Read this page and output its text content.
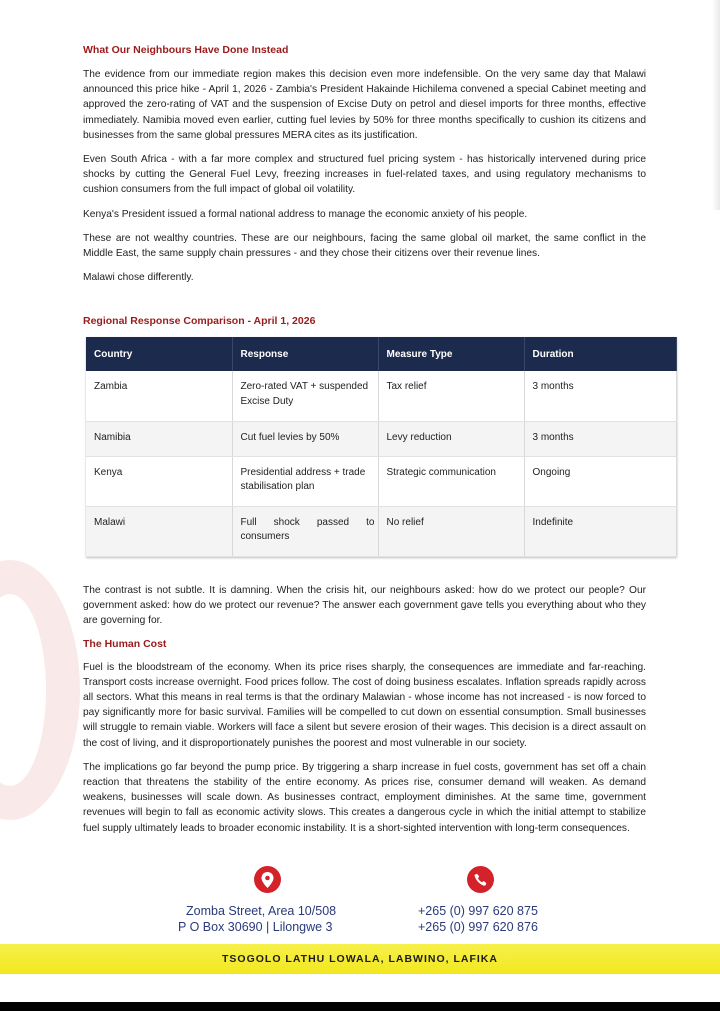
What Our Neighbours Have Done Instead

The evidence from our immediate region makes this decision even more indefensible. On the very same day that Malawi announced this price hike - April 1, 2026 - Zambia's President Hakainde Hichilema convened a special Cabinet meeting and approved the zero-rating of VAT and the suspension of Excise Duty on petrol and diesel imports for three months, effective immediately. Namibia moved even earlier, cutting fuel levies by 50% for three months specifically to cushion its citizens and businesses from the same global pressures MERA cites as its justification.

Even South Africa - with a far more complex and structured fuel pricing system - has historically intervened during price shocks by cutting the General Fuel Levy, freezing increases in fuel-related taxes, and using regulatory mechanisms to cushion consumers from the full impact of global oil volatility.

Kenya's President issued a formal national address to manage the economic anxiety of his people.

These are not wealthy countries. These are our neighbours, facing the same global oil market, the same conflict in the Middle East, the same supply chain pressures - and they chose their citizens over their revenue lines.

Malawi chose differently.

Regional Response Comparison - April 1, 2026
Country	Response	Measure Type	Duration
Zambia	Zero-rated VAT + suspended Excise Duty	Tax relief	3 months
Namibia	Cut fuel levies by 50%	Levy reduction	3 months
Kenya	Presidential address + trade stabilisation plan	Strategic communication	Ongoing
Malawi	Full shock passed to consumers	No relief	Indefinite

The contrast is not subtle. It is damning. When the crisis hit, our neighbours asked: how do we protect our people? Our government asked: how do we protect our revenue? The answer each government gave tells you everything about who they are governing for.

The Human Cost

Fuel is the bloodstream of the economy. When its price rises sharply, the consequences are immediate and far-reaching. Transport costs increase overnight. Food prices follow. The cost of doing business escalates. Inflation spreads rapidly across all sectors. What this means in real terms is that the ordinary Malawian - whose income has not increased - is now forced to pay significantly more for basic survival. Families will be compelled to cut down on essential consumption. Small businesses will struggle to remain viable. Workers will face a silent but severe erosion of their wages. This decision is a direct assault on the cost of living, and it disproportionately punishes the poorest and most vulnerable in our society.

The implications go far beyond the pump price. By triggering a sharp increase in fuel costs, government has set off a chain reaction that threatens the stability of the entire economy. As prices rise, consumer demand will weaken. As demand weakens, businesses will scale down. As businesses contract, employment diminishes. At the same time, government revenues will begin to fall as economic activity slows. This creates a dangerous cycle in which the initial attempt to stabilize fuel supply ultimately leads to broader economic instability. It is a short-sighted intervention with long-term consequences.

Zomba Street, Area 10/508
P O Box 30690 | Lilongwe 3
+265 (0) 997 620 875
+265 (0) 997 620 876
TSOGOLO LATHU LOWALA, LABWINO, LAFIKA
